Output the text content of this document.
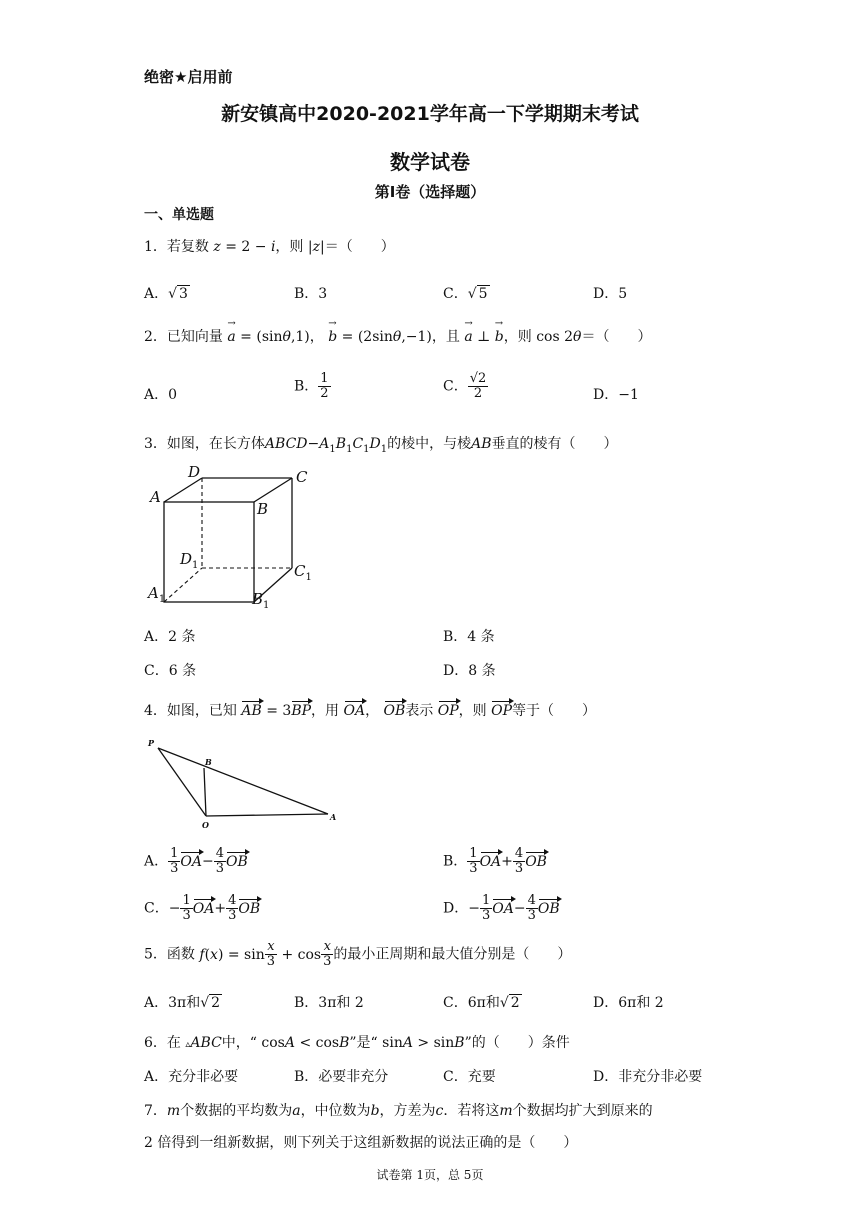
绝密★启用前
新安镇高中2020-2021学年高一下学期期末考试
数学试卷
第I卷（选择题）
一、单选题
1．若复数 z = 2 − i，则 |z|＝（　　）
A．√ 3	B．3	C．√ 5	D．5
2．已知向量 → a = (sinθ,1)， → b = (2sinθ,−1)，且 → a ⊥ → b，则 cos 2θ＝（　　）
A．0
B． $\frac{1}{2}$	C． $\frac{√2}{2}$	D．−1
3．如图，在长方体$ABCD-A_1B_1C_1D_1$的棱中，与棱AB垂直的棱有（　　）
D	C
A
B
$D_1$	$C_1$
$A_1$	$B_1$
A．2 条	B．4 条
C．6 条	D．8 条
4．如图，已知 AB = 3BP，用 OA， OB表示 OP，则 OP等于（　　）
P
B
O
A
A． $\frac{1}{3} OA- \frac{4}{3}$ OB	B． $\frac{1}{3} OA+ \frac{4}{3}$ OB
C．− $\frac{1}{3} OA+ \frac{4}{3}$ OB	D．− $\frac{1}{3} OA- \frac{4}{3}$ OB
5．函数 $f(x) = \sin \frac{x}{3} + \cos \frac{x}{3}$ 的最小正周期和最大值分别是（　　）
A．3π和√ 2	B．3π和 2	C．6π和√ 2	D．6π和 2
6．在 ▵ABC中，“ cosA < cosB”是“ sinA > sinB”的（　　）条件
A．充分非必要	B．必要非充分	C．充要	D．非充分非必要
7．m个数据的平均数为a，中位数为b，方差为c．若将这m个数据均扩大到原来的
2 倍得到一组新数据，则下列关于这组新数据的说法正确的是（　　）
试卷第 1页，总 5页
